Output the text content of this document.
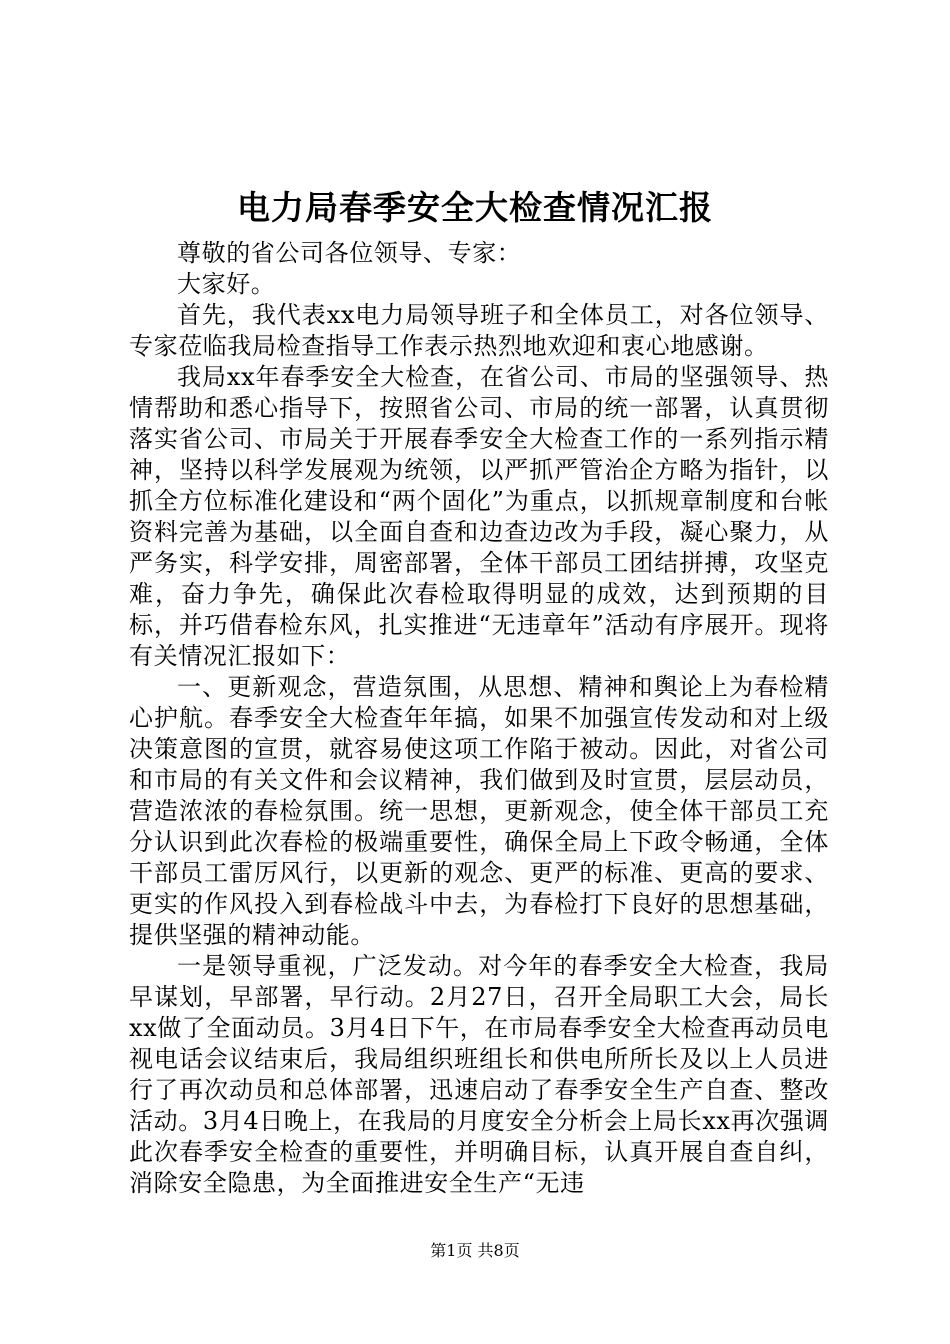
电力局春季安全大检查情况汇报

尊敬的省公司各位领导、专家：

大家好。

首先，我代表xx电力局领导班子和全体员工，对各位领导、专家莅临我局检查指导工作表示热烈地欢迎和衷心地感谢。

我局xx年春季安全大检查，在省公司、市局的坚强领导、热情帮助和悉心指导下，按照省公司、市局的统一部署，认真贯彻落实省公司、市局关于开展春季安全大检查工作的一系列指示精神，坚持以科学发展观为统领，以严抓严管治企方略为指针，以抓全方位标准化建设和“两个固化”为重点，以抓规章制度和台帐资料完善为基础，以全面自查和边查边改为手段，凝心聚力，从严务实，科学安排，周密部署，全体干部员工团结拼搏，攻坚克难，奋力争先，确保此次春检取得明显的成效，达到预期的目标，并巧借春检东风，扎实推进“无违章年”活动有序展开。现将有关情况汇报如下：

一、更新观念，营造氛围，从思想、精神和舆论上为春检精心护航。春季安全大检查年年搞，如果不加强宣传发动和对上级决策意图的宣贯，就容易使这项工作陷于被动。因此，对省公司和市局的有关文件和会议精神，我们做到及时宣贯，层层动员，营造浓浓的春检氛围。统一思想，更新观念，使全体干部员工充分认识到此次春检的极端重要性，确保全局上下政令畅通，全体干部员工雷厉风行，以更新的观念、更严的标准、更高的要求、更实的作风投入到春检战斗中去，为春检打下良好的思想基础，提供坚强的精神动能。

一是领导重视，广泛发动。对今年的春季安全大检查，我局早谋划，早部署，早行动。2月27日，召开全局职工大会，局长xx做了全面动员。3月4日下午，在市局春季安全大检查再动员电视电话会议结束后，我局组织班组长和供电所所长及以上人员进行了再次动员和总体部署，迅速启动了春季安全生产自查、整改活动。3月4日晚上，在我局的月度安全分析会上局长xx再次强调此次春季安全检查的重要性，并明确目标，认真开展自查自纠，消除安全隐患，为全面推进安全生产“无违

第1页 共8页
